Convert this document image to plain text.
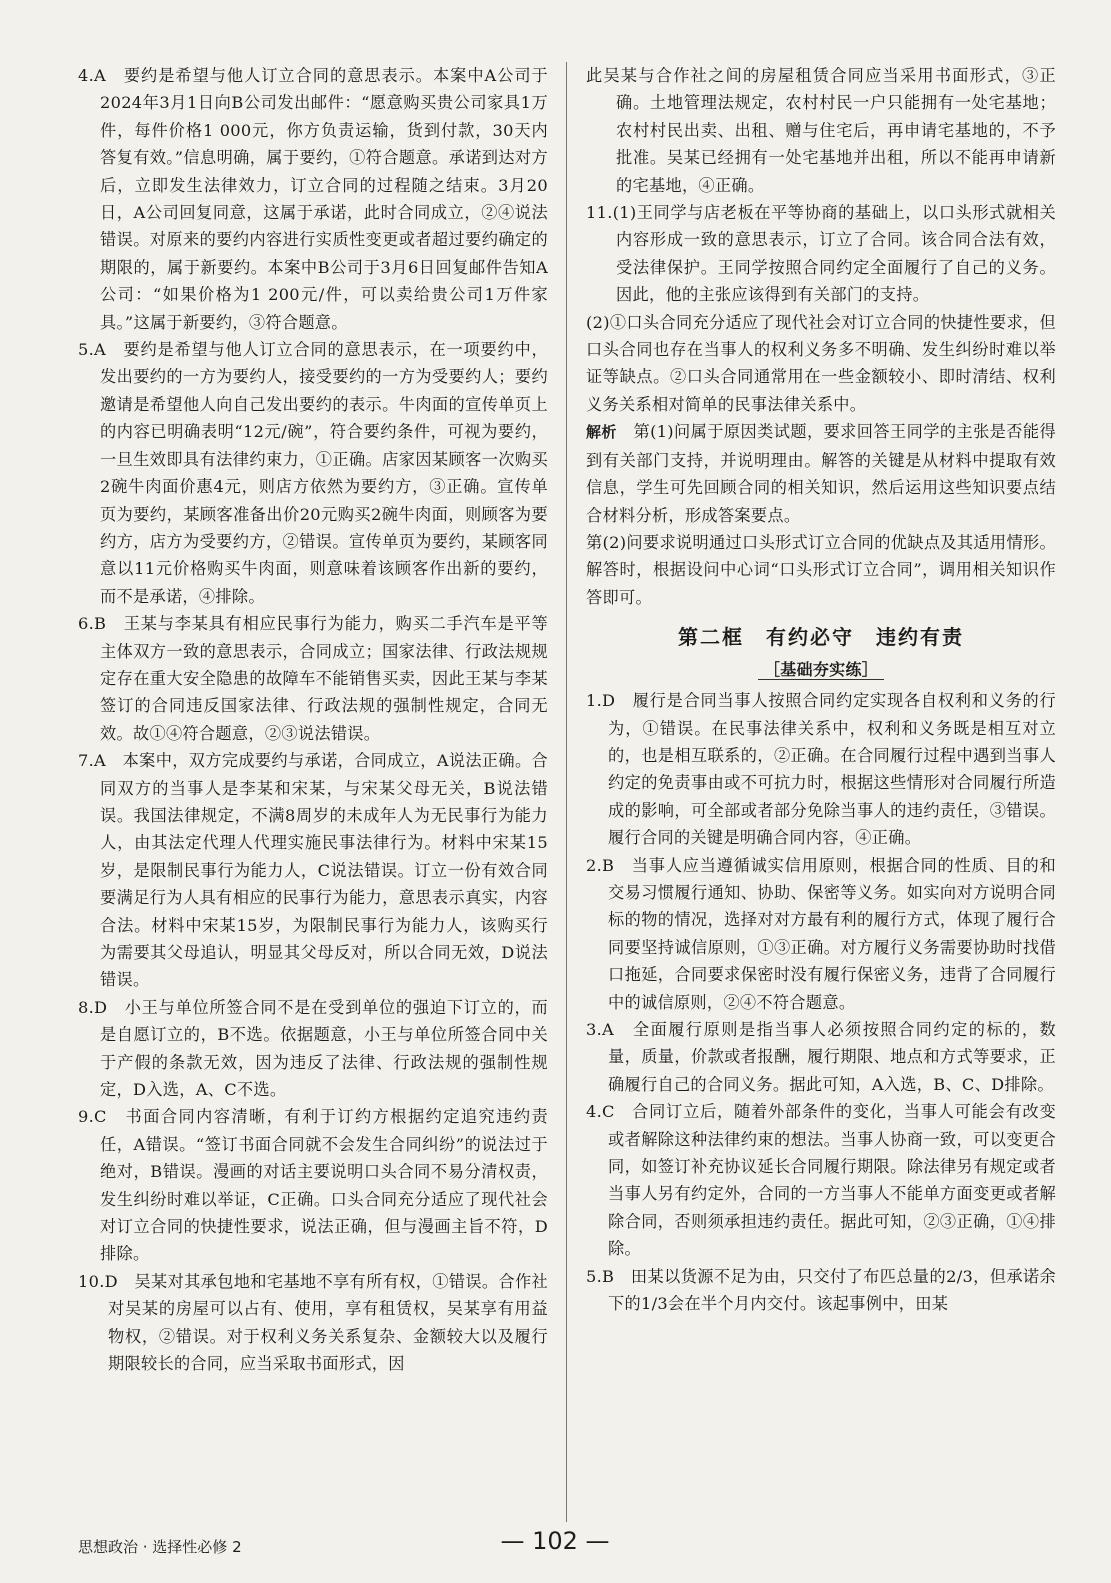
4.A　要约是希望与他人订立合同的意思表示。本案中A公司于2024年3月1日向B公司发出邮件：“愿意购买贵公司家具1万件，每件价格1 000元，你方负责运输，货到付款，30天内答复有效。”信息明确，属于要约，①符合题意。承诺到达对方后，立即发生法律效力，订立合同的过程随之结束。3月20日，A公司回复同意，这属于承诺，此时合同成立，②④说法错误。对原来的要约内容进行实质性变更或者超过要约确定的期限的，属于新要约。本案中B公司于3月6日回复邮件告知A公司：“如果价格为1 200元/件，可以卖给贵公司1万件家具。”这属于新要约，③符合题意。

5.A　要约是希望与他人订立合同的意思表示，在一项要约中，发出要约的一方为要约人，接受要约的一方为受要约人；要约邀请是希望他人向自己发出要约的表示。牛肉面的宣传单页上的内容已明确表明“12元/碗”，符合要约条件，可视为要约，一旦生效即具有法律约束力，①正确。店家因某顾客一次购买2碗牛肉面价惠4元，则店方依然为要约方，③正确。宣传单页为要约，某顾客准备出价20元购买2碗牛肉面，则顾客为要约方，店方为受要约方，②错误。宣传单页为要约，某顾客同意以11元价格购买牛肉面，则意味着该顾客作出新的要约，而不是承诺，④排除。

6.B　王某与李某具有相应民事行为能力，购买二手汽车是平等主体双方一致的意思表示，合同成立；国家法律、行政法规规定存在重大安全隐患的故障车不能销售买卖，因此王某与李某签订的合同违反国家法律、行政法规的强制性规定，合同无效。故①④符合题意，②③说法错误。

7.A　本案中，双方完成要约与承诺，合同成立，A说法正确。合同双方的当事人是李某和宋某，与宋某父母无关，B说法错误。我国法律规定，不满8周岁的未成年人为无民事行为能力人，由其法定代理人代理实施民事法律行为。材料中宋某15岁，是限制民事行为能力人，C说法错误。订立一份有效合同要满足行为人具有相应的民事行为能力，意思表示真实，内容合法。材料中宋某15岁，为限制民事行为能力人，该购买行为需要其父母追认，明显其父母反对，所以合同无效，D说法错误。

8.D　小王与单位所签合同不是在受到单位的强迫下订立的，而是自愿订立的，B不选。依据题意，小王与单位所签合同中关于产假的条款无效，因为违反了法律、行政法规的强制性规定，D入选，A、C不选。

9.C　书面合同内容清晰，有利于订约方根据约定追究违约责任，A错误。“签订书面合同就不会发生合同纠纷”的说法过于绝对，B错误。漫画的对话主要说明口头合同不易分清权责，发生纠纷时难以举证，C正确。口头合同充分适应了现代社会对订立合同的快捷性要求，说法正确，但与漫画主旨不符，D排除。

10.D　吴某对其承包地和宅基地不享有所有权，①错误。合作社对吴某的房屋可以占有、使用，享有租赁权，吴某享有用益物权，②错误。对于权利义务关系复杂、金额较大以及履行期限较长的合同，应当采取书面形式，因

此吴某与合作社之间的房屋租赁合同应当采用书面形式，③正确。土地管理法规定，农村村民一户只能拥有一处宅基地；农村村民出卖、出租、赠与住宅后，再申请宅基地的，不予批准。吴某已经拥有一处宅基地并出租，所以不能再申请新的宅基地，④正确。

11.(1)王同学与店老板在平等协商的基础上，以口头形式就相关内容形成一致的意思表示，订立了合同。该合同合法有效，受法律保护。王同学按照合同约定全面履行了自己的义务。因此，他的主张应该得到有关部门的支持。

(2)①口头合同充分适应了现代社会对订立合同的快捷性要求，但口头合同也存在当事人的权利义务多不明确、发生纠纷时难以举证等缺点。②口头合同通常用在一些金额较小、即时清结、权利义务关系相对简单的民事法律关系中。

解析　 第(1)问属于原因类试题，要求回答王同学的主张是否能得到有关部门支持，并说明理由。解答的关键是从材料中提取有效信息，学生可先回顾合同的相关知识，然后运用这些知识要点结合材料分析，形成答案要点。

第(2)问要求说明通过口头形式订立合同的优缺点及其适用情形。解答时，根据设问中心词“口头形式订立合同”，调用相关知识作答即可。

第二框　有约必守　违约有责
［基础夯实练］

1.D　履行是合同当事人按照合同约定实现各自权利和义务的行为，①错误。在民事法律关系中，权利和义务既是相互对立的，也是相互联系的，②正确。在合同履行过程中遇到当事人约定的免责事由或不可抗力时，根据这些情形对合同履行所造成的影响，可全部或者部分免除当事人的违约责任，③错误。履行合同的关键是明确合同内容，④正确。

2.B　当事人应当遵循诚实信用原则，根据合同的性质、目的和交易习惯履行通知、协助、保密等义务。如实向对方说明合同标的物的情况，选择对对方最有利的履行方式，体现了履行合同要坚持诚信原则，①③正确。对方履行义务需要协助时找借口拖延，合同要求保密时没有履行保密义务，违背了合同履行中的诚信原则，②④不符合题意。

3.A　全面履行原则是指当事人必须按照合同约定的标的，数量，质量，价款或者报酬，履行期限、地点和方式等要求，正确履行自己的合同义务。据此可知，A入选，B、C、D排除。

4.C　合同订立后，随着外部条件的变化，当事人可能会有改变或者解除这种法律约束的想法。当事人协商一致，可以变更合同，如签订补充协议延长合同履行期限。除法律另有规定或者当事人另有约定外，合同的一方当事人不能单方面变更或者解除合同，否则须承担违约责任。据此可知，②③正确，①④排除。

5.B　田某以货源不足为由，只交付了布匹总量的2/3，但承诺余下的1/3会在半个月内交付。该起事例中，田某

思想政治 · 选择性必修 2	— 102 —
